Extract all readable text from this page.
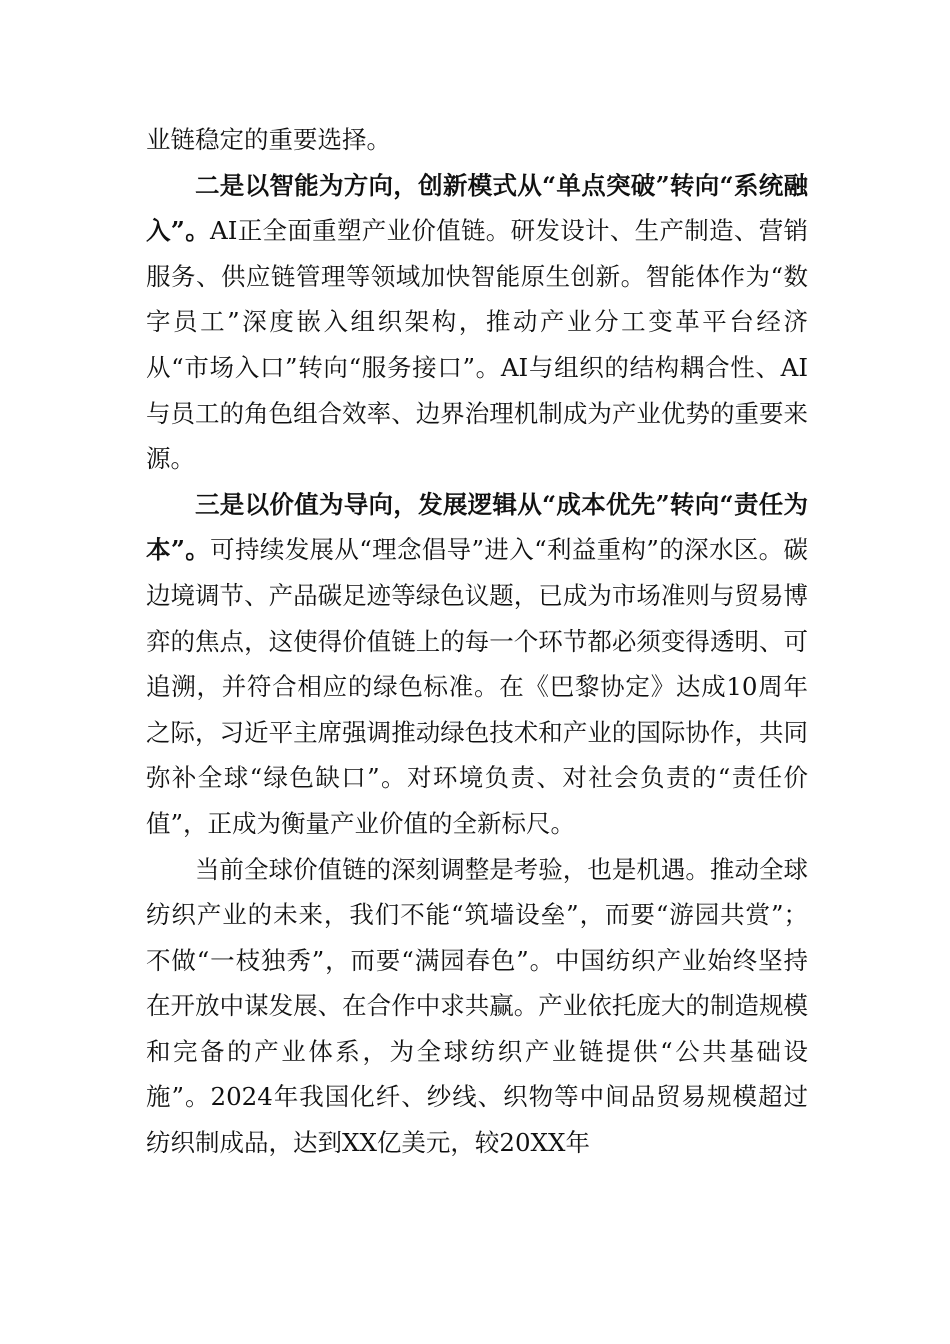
业链稳定的重要选择。

二是以智能为方向，创新模式从“单点突破”转向“系统融入”。AI正全面重塑产业价值链。研发设计、生产制造、营销服务、供应链管理等领域加快智能原生创新。智能体作为“数字员工”深度嵌入组织架构，推动产业分工变革平台经济从“市场入口”转向“服务接口”。AI与组织的结构耦合性、AI与员工的角色组合效率、边界治理机制成为产业优势的重要来源。

三是以价值为导向，发展逻辑从“成本优先”转向“责任为本”。可持续发展从“理念倡导”进入“利益重构”的深水区。碳边境调节、产品碳足迹等绿色议题，已成为市场准则与贸易博弈的焦点，这使得价值链上的每一个环节都必须变得透明、可追溯，并符合相应的绿色标准。在《巴黎协定》达成10周年之际，习近平主席强调推动绿色技术和产业的国际协作，共同弥补全球“绿色缺口”。对环境负责、对社会负责的“责任价值”，正成为衡量产业价值的全新标尺。

当前全球价值链的深刻调整是考验，也是机遇。推动全球纺织产业的未来，我们不能“筑墙设垒”，而要“游园共赏”；不做“一枝独秀”，而要“满园春色”。中国纺织产业始终坚持在开放中谋发展、在合作中求共赢。产业依托庞大的制造规模和完备的产业体系，为全球纺织产业链提供“公共基础设施”。2024年我国化纤、纱线、织物等中间品贸易规模超过纺织制成品，达到XX亿美元，较20XX年
